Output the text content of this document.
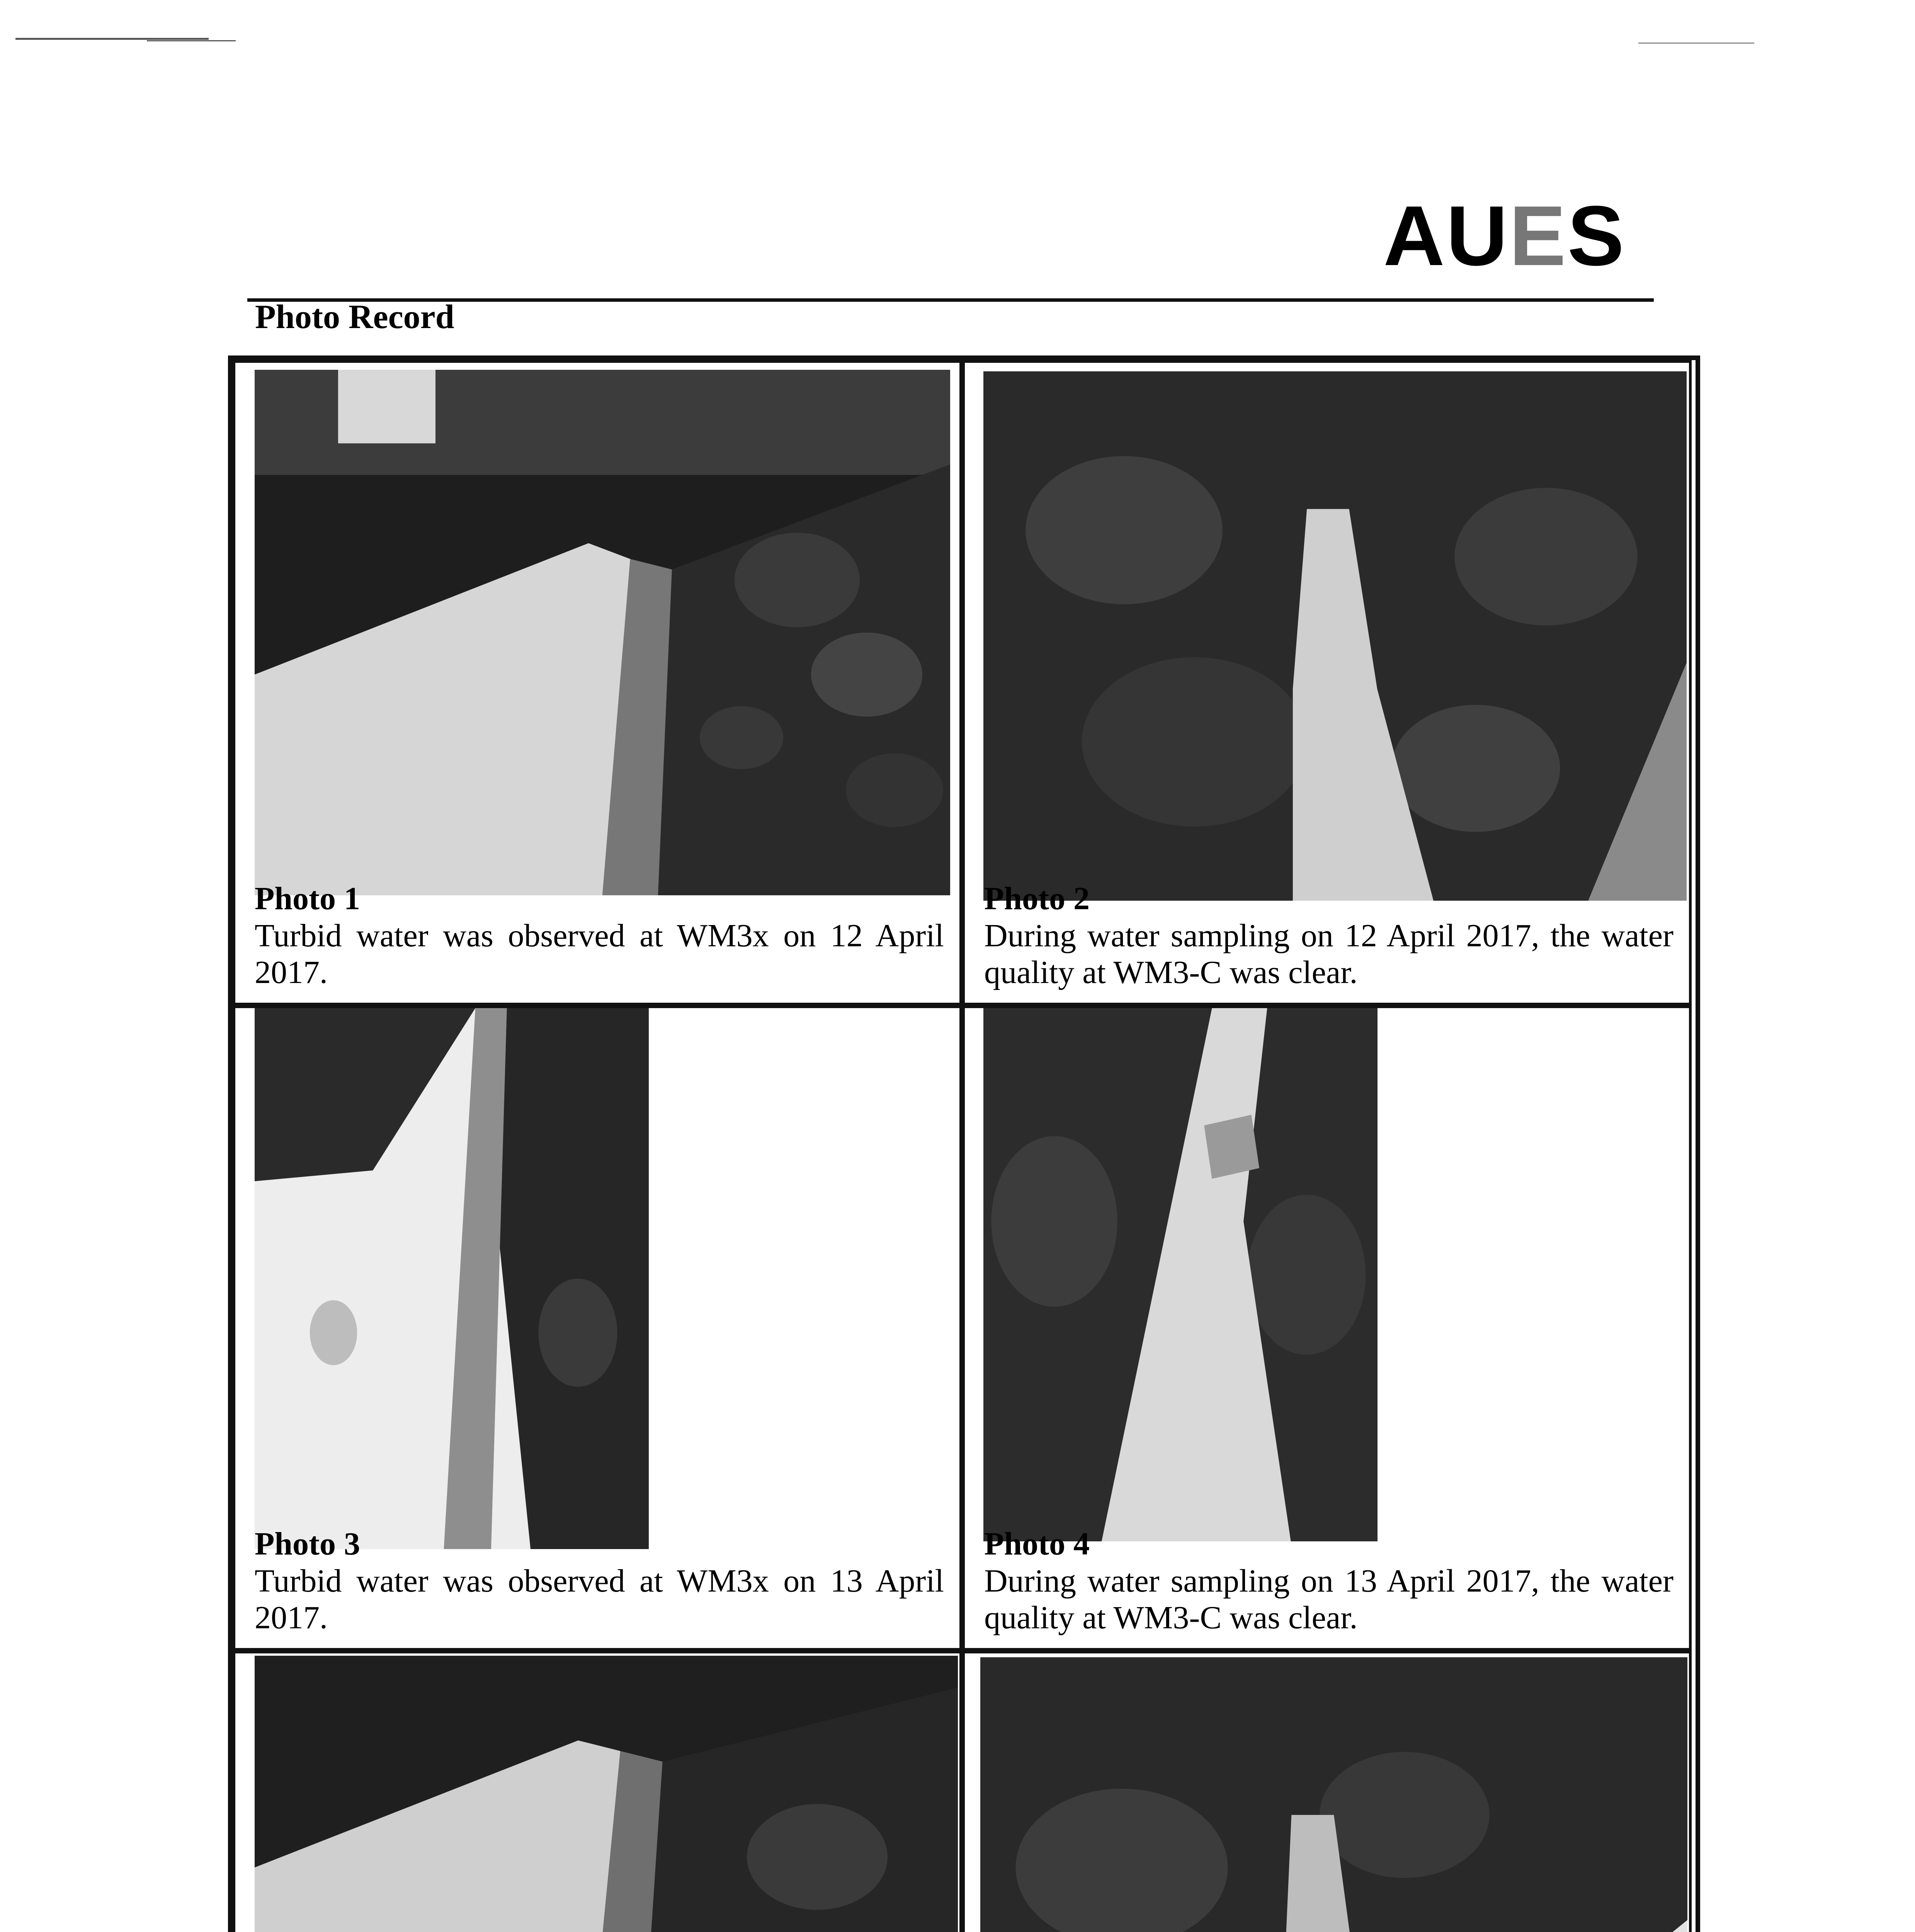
AUES
Photo Record
Photo 1
Turbid water was observed at WM3x on 12 April 2017.
Photo 2
During water sampling on 12 April 2017, the water quality at WM3-C was clear.
Photo 3
Turbid water was observed at WM3x on 13 April 2017.
Photo 4
During water sampling on 13 April 2017, the water quality at WM3-C was clear.
